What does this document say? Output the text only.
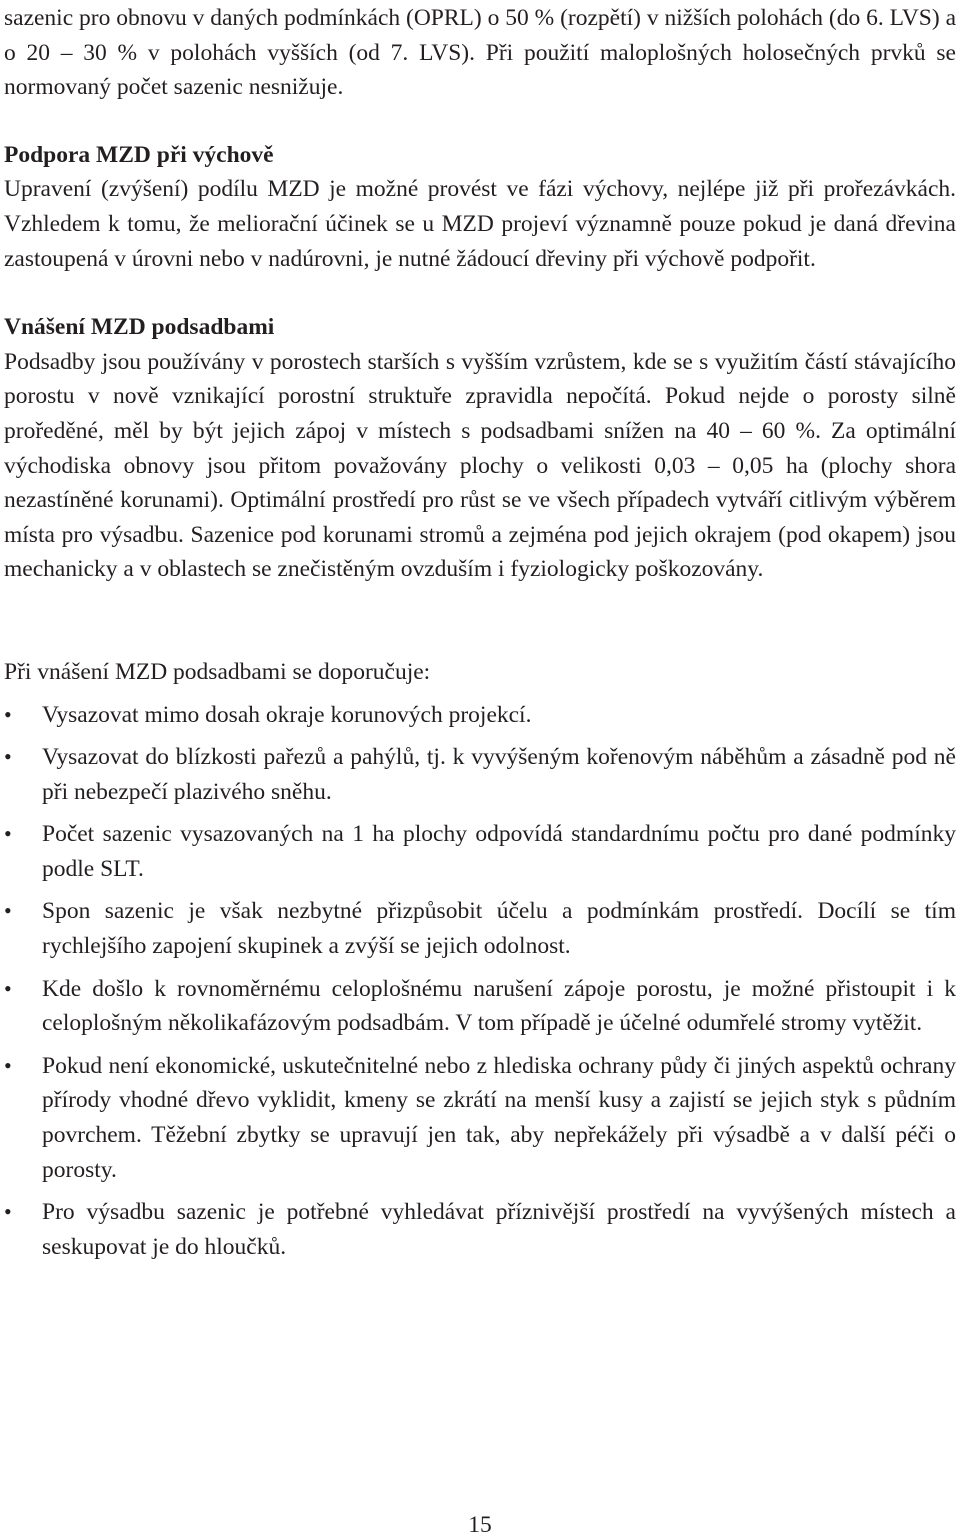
sazenic pro obnovu v daných podmínkách (OPRL) o 50 % (rozpětí) v nižších polohách (do 6. LVS) a o 20 – 30 % v polohách vyšších (od 7. LVS). Při použití maloplošných holosečných prvků se normovaný počet sazenic nesnižuje.

Podpora MZD při výchově

Upravení (zvýšení) podílu MZD je možné provést ve fázi výchovy, nejlépe již při prořezávkách. Vzhledem k tomu, že meliorační účinek se u MZD projeví významně pouze pokud je daná dřevina zastoupená v úrovni nebo v nadúrovni, je nutné žádoucí dřeviny při výchově podpořit.

Vnášení MZD podsadbami

Podsadby jsou používány v porostech starších s vyšším vzrůstem, kde se s využitím částí stávajícího porostu v nově vznikající porostní struktuře zpravidla nepočítá. Pokud nejde o porosty silně proředěné, měl by být jejich zápoj v místech s podsadbami snížen na 40 – 60 %. Za optimální východiska obnovy jsou přitom považovány plochy o velikosti 0,03 – 0,05 ha (plochy shora nezastíněné korunami). Optimální prostředí pro růst se ve všech případech vytváří citlivým výběrem místa pro výsadbu. Sazenice pod korunami stromů a zejména pod jejich okrajem (pod okapem) jsou mechanicky a v oblastech se znečistěným ovzduším i fyziologicky poškozovány.

Při vnášení MZD podsadbami se doporučuje:

•	Vysazovat mimo dosah okraje korunových projekcí.
•	Vysazovat do blízkosti pařezů a pahýlů, tj. k vyvýšeným kořenovým náběhům a zásadně pod ně při nebezpečí plazivého sněhu.
•	Počet sazenic vysazovaných na 1 ha plochy odpovídá standardnímu počtu pro dané podmínky podle SLT.
•	Spon sazenic je však nezbytné přizpůsobit účelu a podmínkám prostředí. Docílí se tím rychlejšího zapojení skupinek a zvýší se jejich odolnost.
•	Kde došlo k rovnoměrnému celoplošnému narušení zápoje porostu, je možné přistoupit i k celoplošným několikafázovým podsadbám. V tom případě je účelné odumřelé stromy vytěžit.
•	Pokud není ekonomické, uskutečnitelné nebo z hlediska ochrany půdy či jiných aspektů ochrany přírody vhodné dřevo vyklidit, kmeny se zkrátí na menší kusy a zajistí se jejich styk s půdním povrchem. Těžební zbytky se upravují jen tak, aby nepřekážely při výsadbě a v další péči o porosty.
•	Pro výsadbu sazenic je potřebné vyhledávat příznivější prostředí na vyvýšených místech a seskupovat je do hloučků.
15
